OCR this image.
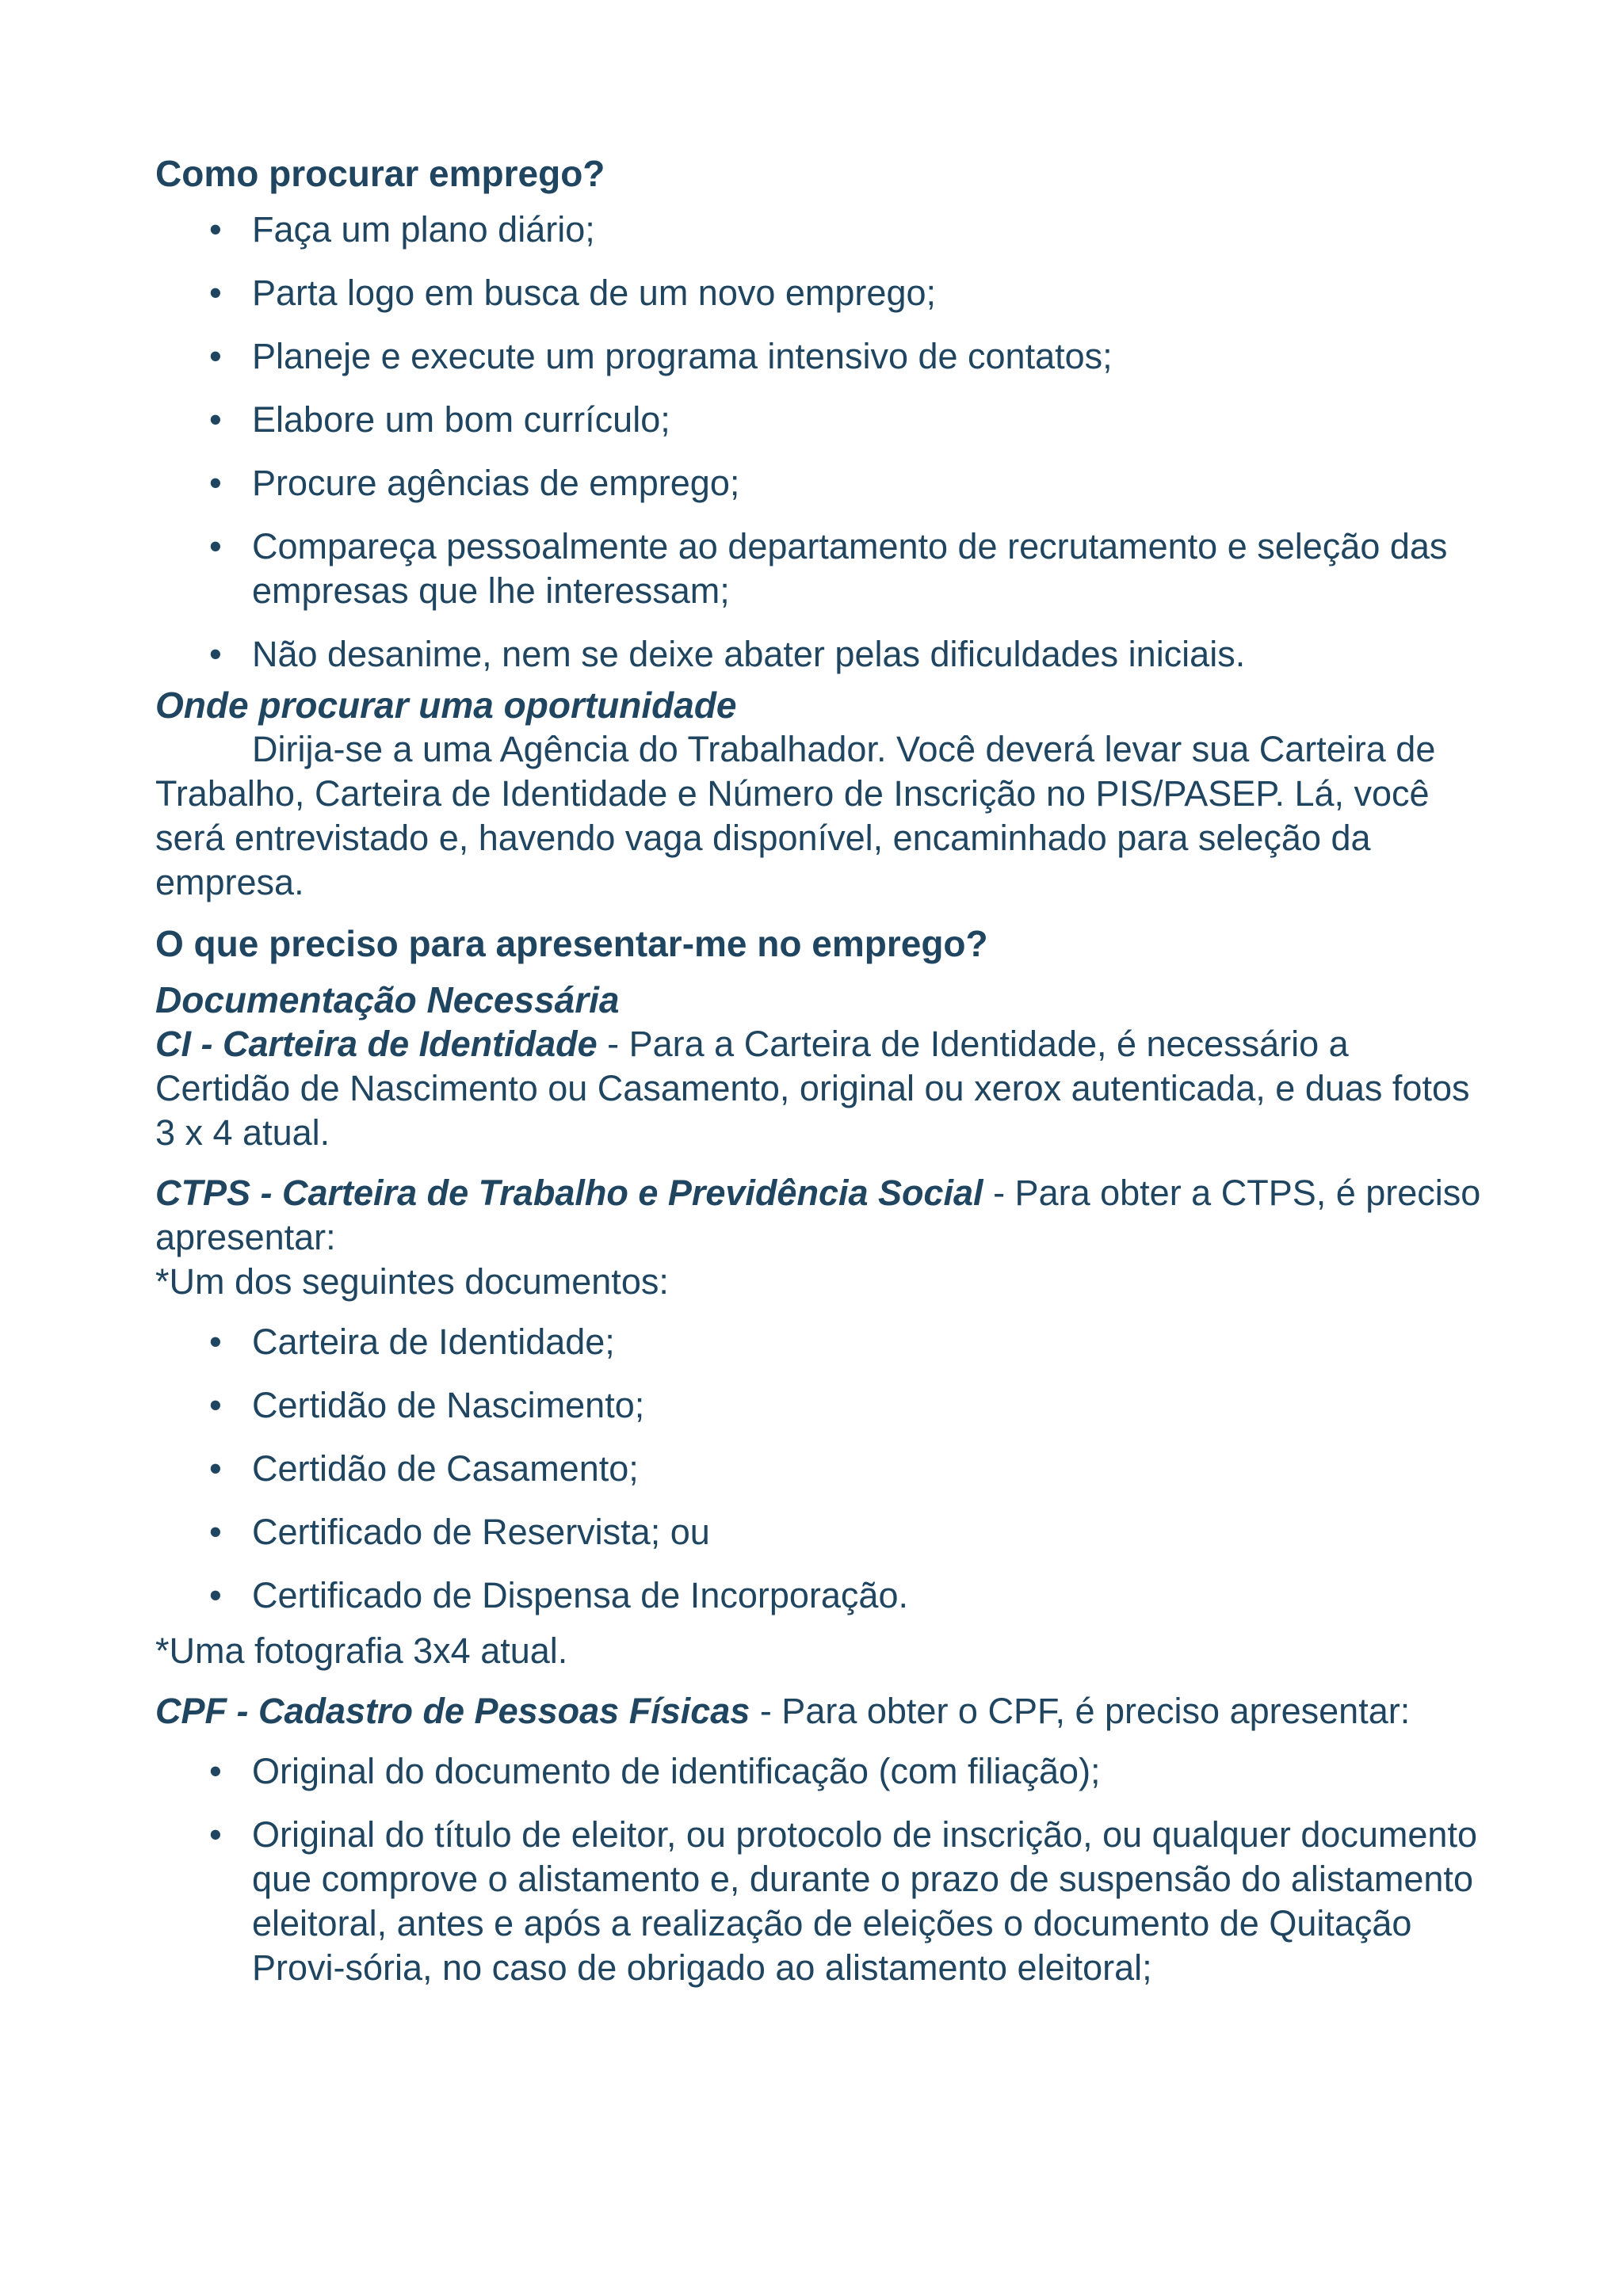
Como procurar emprego?
• Faça um plano diário;
• Parta logo em busca de um novo emprego;
• Planeje e execute um programa intensivo de contatos;
• Elabore um bom currículo;
• Procure agências de emprego;
• Compareça pessoalmente ao departamento de recrutamento e seleção das empresas que lhe interessam;
• Não desanime, nem se deixe abater pelas dificuldades iniciais.
Onde procurar uma oportunidade

Dirija-se a uma Agência do Trabalhador. Você deverá levar sua Carteira de Trabalho, Carteira de Identidade e Número de Inscrição no PIS/PASEP. Lá, você será entrevistado e, havendo vaga disponível, encaminhado para seleção da empresa.

O que preciso para apresentar-me no emprego?
Documentação Necessária

CI - Carteira de Identidade - Para a Carteira de Identidade, é necessário a Certidão de Nascimento ou Casamento, original ou xerox autenticada, e duas fotos 3 x 4 atual.

CTPS - Carteira de Trabalho e Previdência Social - Para obter a CTPS, é preciso apresentar:

*Um dos seguintes documentos:

• Carteira de Identidade;
• Certidão de Nascimento;
• Certidão de Casamento;
• Certificado de Reservista; ou
• Certificado de Dispensa de Incorporação.

*Uma fotografia 3x4 atual.

CPF - Cadastro de Pessoas Físicas - Para obter o CPF, é preciso apresentar:

• Original do documento de identificação (com filiação);
• Original do título de eleitor, ou protocolo de inscrição, ou qualquer documento que comprove o alistamento e, durante o prazo de suspensão do alistamento eleitoral, antes e após a realização de eleições o documento de Quitação Provi-sória, no caso de obrigado ao alistamento eleitoral;
